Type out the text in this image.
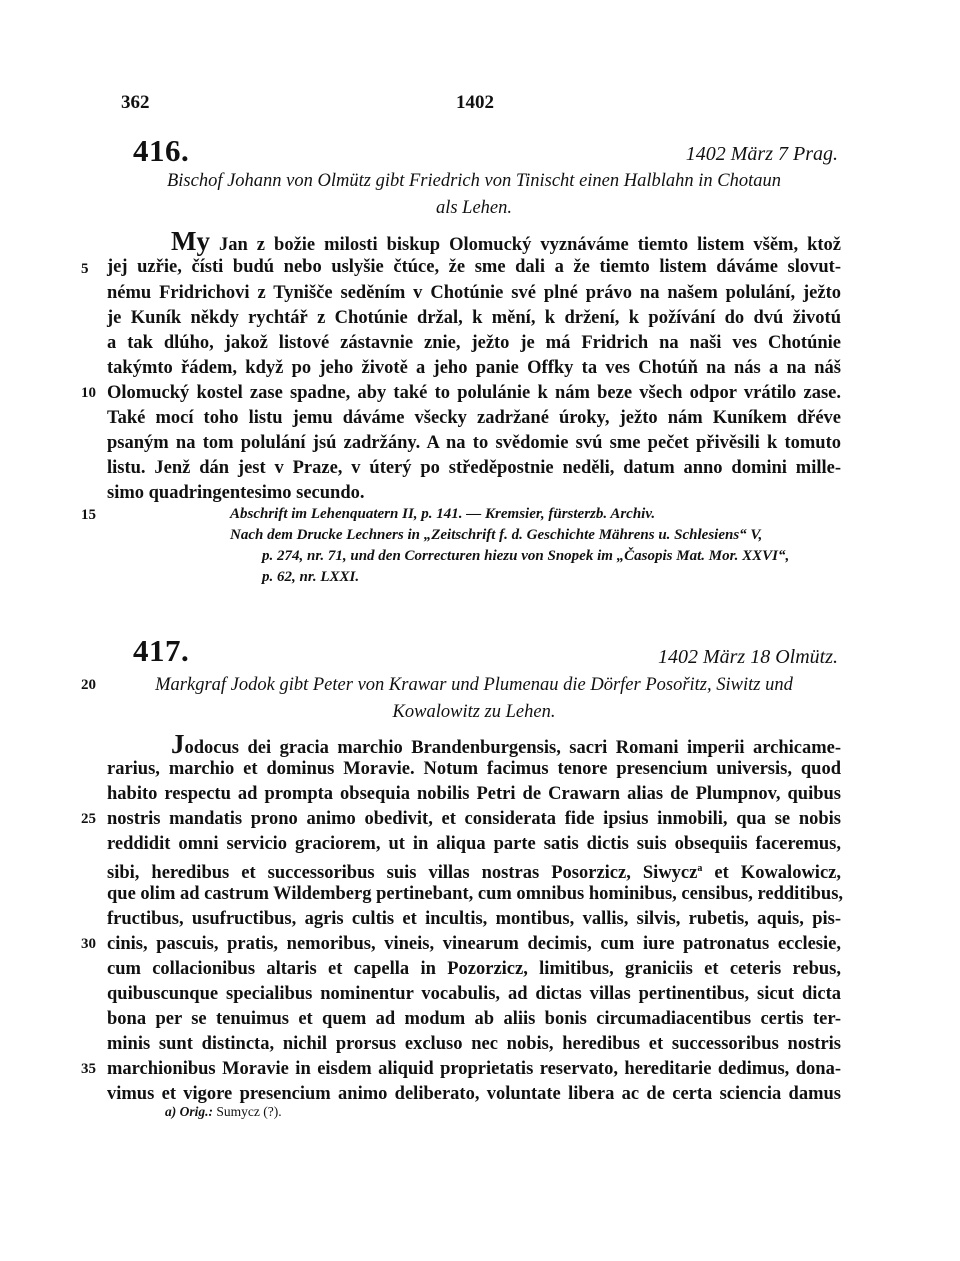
362	1402
416.	1402 März 7 Prag.
Bischof Johann von Olmütz gibt Friedrich von Tinischt einen Halblahn in Chotaun
als Lehen.
My Jan z božie milosti biskup Olomucký vyznáváme tiemto listem všěm, ktož
jej uzřie, čísti budú nebo uslyšie čtúce, že sme dali a že tiemto listem dáváme slovut-
nému Fridrichovi z Tynišče seděním v Chotúnie své plné právo na našem polulání, ježto
je Kuník někdy rychtář z Chotúnie držal, k mění, k držení, k požívání do dvú životú
a tak dlúho, jakož listové zástavnie znie, ježto je má Fridrich na naši ves Chotúnie
takýmto řádem, když po jeho životě a jeho panie Offky ta ves Chotúň na nás a na náš
Olomucký kostel zase spadne, aby také to polulánie k nám beze všech odpor vrátilo zase.
Také mocí toho listu jemu dáváme všecky zadržané úroky, ježto nám Kuníkem dřéve
psaným na tom polulání jsú zadržány. A na to svědomie svú sme pečet přivěsili k tomuto
listu. Jenž dán jest v Praze, v úterý po středěpostnie neděli, datum anno domini mille-
simo quadringentesimo secundo.
Abschrift im Lehenquatern II, p. 141. — Kremsier, fürsterzb. Archiv.
Nach dem Drucke Lechners in „Zeitschrift f. d. Geschichte Mährens u. Schlesiens“ V,
p. 274, nr. 71, und den Correcturen hiezu von Snopek im „Časopis Mat. Mor. XXVI“,
p. 62, nr. LXXI.
417.	1402 März 18 Olmütz.
Markgraf Jodok gibt Peter von Krawar und Plumenau die Dörfer Posořitz, Siwitz und
Kowalowitz zu Lehen.
Jodocus dei gracia marchio Brandenburgensis, sacri Romani imperii archicame-
rarius, marchio et dominus Moravie. Notum facimus tenore presencium universis, quod
habito respectu ad prompta obsequia nobilis Petri de Crawarn alias de Plumpnov, quibus
nostris mandatis prono animo obedivit, et considerata fide ipsius inmobili, qua se nobis
reddidit omni servicio graciorem, ut in aliqua parte satis dictis suis obsequiis faceremus,
sibi, heredibus et successoribus suis villas nostras Posorzicz, Siwycz$^a$ et Kowalowicz,
que olim ad castrum Wildemberg pertinebant, cum omnibus hominibus, censibus, redditibus,
fructibus, usufructibus, agris cultis et incultis, montibus, vallis, silvis, rubetis, aquis, pis-
cinis, pascuis, pratis, nemoribus, vineis, vinearum decimis, cum iure patronatus ecclesie,
cum collacionibus altaris et capella in Pozorzicz, limitibus, graniciis et ceteris rebus,
quibuscunque specialibus nominentur vocabulis, ad dictas villas pertinentibus, sicut dicta
bona per se tenuimus et quem ad modum ab aliis bonis circumadiacentibus certis ter-
minis sunt distincta, nichil prorsus excluso nec nobis, heredibus et successoribus nostris
marchionibus Moravie in eisdem aliquid proprietatis reservato, hereditarie dedimus, dona-
vimus et vigore presencium animo deliberato, voluntate libera ac de certa sciencia damus
a) Orig.: Sumycz (?).
5
10
15
20
25
30
35
